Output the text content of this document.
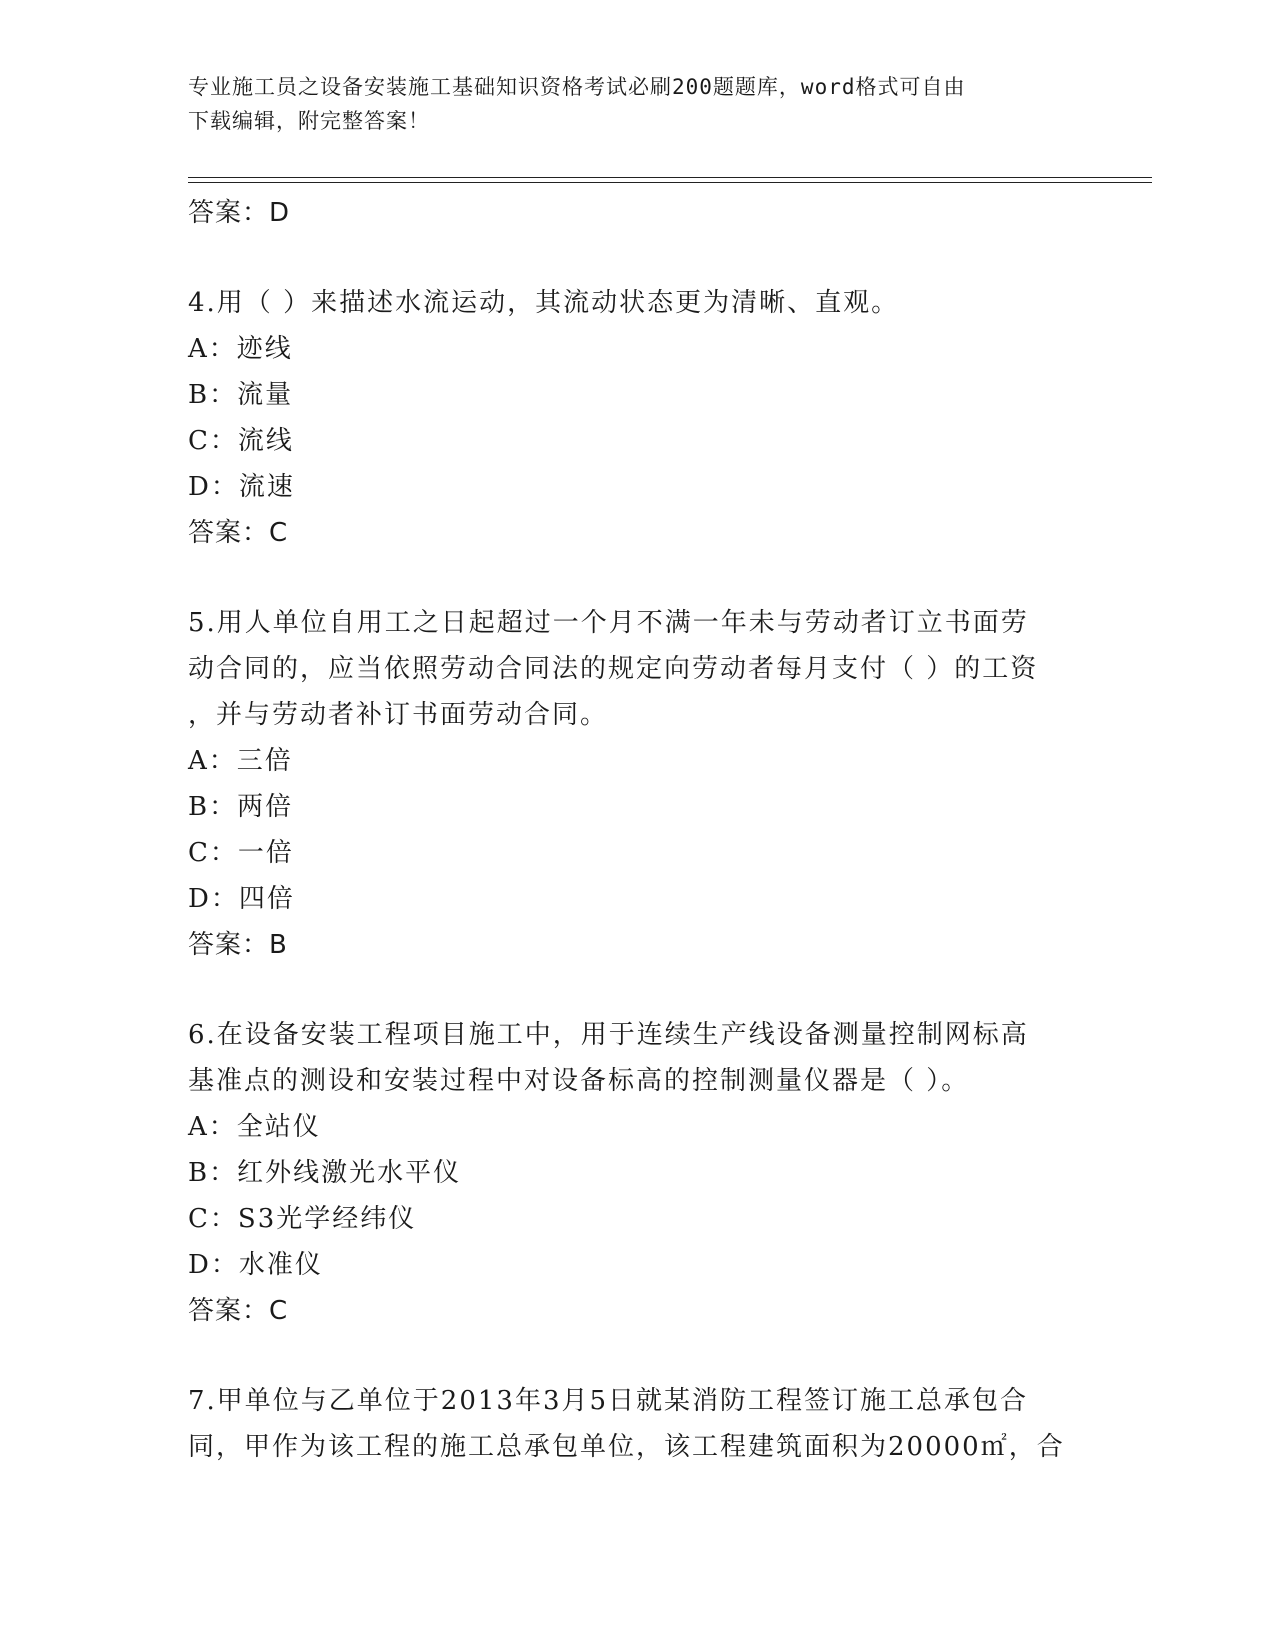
专业施工员之设备安装施工基础知识资格考试必刷200题题库，word格式可自由
下载编辑，附完整答案！
答案：D
4.用（ ）来描述水流运动，其流动状态更为清晰、直观。
A：迹线
B：流量
C：流线
D：流速
答案：C
5.用人单位自用工之日起超过一个月不满一年未与劳动者订立书面劳
动合同的，应当依照劳动合同法的规定向劳动者每月支付（ ）的工资
，并与劳动者补订书面劳动合同。
A：三倍
B：两倍
C：一倍
D：四倍
答案：B
6.在设备安装工程项目施工中，用于连续生产线设备测量控制网标高
基准点的测设和安装过程中对设备标高的控制测量仪器是（ ）。
A：全站仪
B：红外线激光水平仪
C：S3光学经纬仪
D：水准仪
答案：C
7.甲单位与乙单位于2013年3月5日就某消防工程签订施工总承包合
同，甲作为该工程的施工总承包单位，该工程建筑面积为20000㎡，合
